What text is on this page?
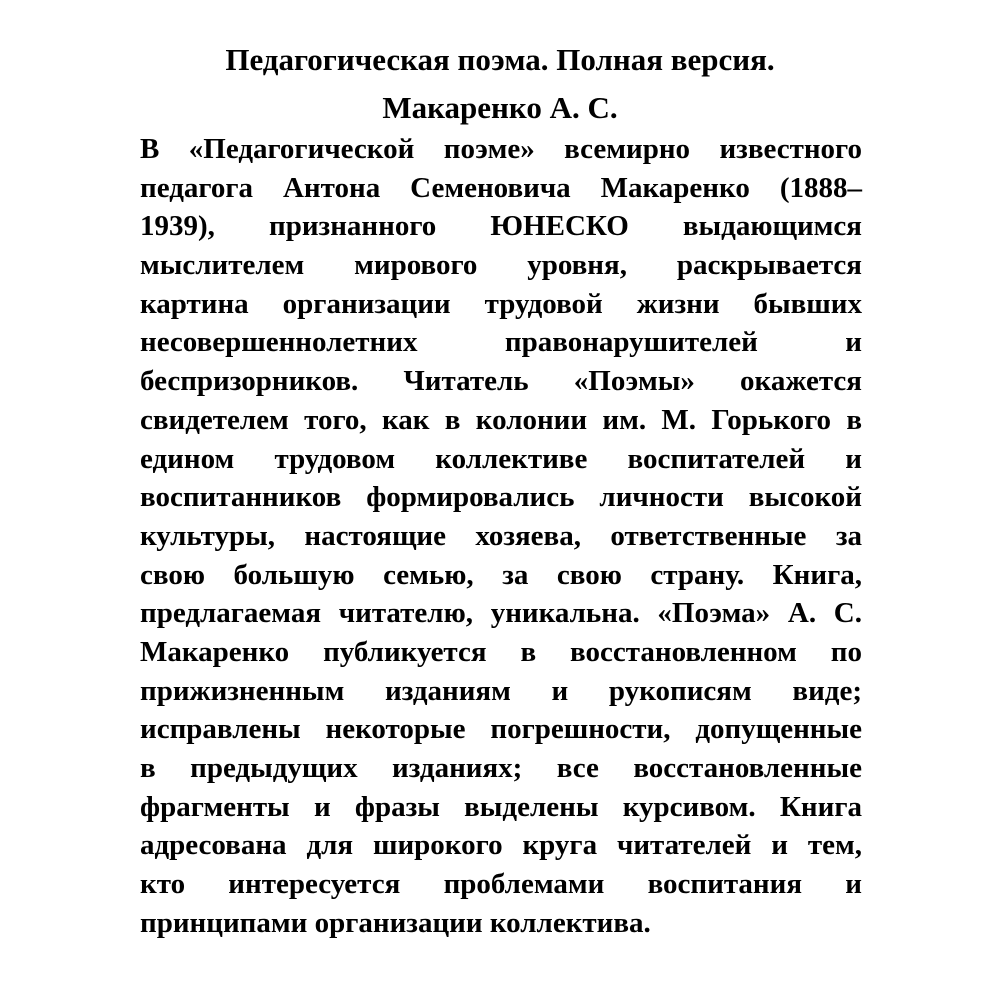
Педагогическая поэма. Полная версия.
Макаренко А. С.
В «Педагогической поэме» всемирно известного
педагога Антона Семеновича Макаренко (1888–
1939), признанного ЮНЕСКО выдающимся
мыслителем мирового уровня, раскрывается
картина организации трудовой жизни бывших
несовершеннолетних правонарушителей и
беспризорников. Читатель «Поэмы» окажется
свидетелем того, как в колонии им. М. Горького в
едином трудовом коллективе воспитателей и
воспитанников формировались личности высокой
культуры, настоящие хозяева, ответственные за
свою большую семью, за свою страну. Книга,
предлагаемая читателю, уникальна. «Поэма» А. С.
Макаренко публикуется в восстановленном по
прижизненным изданиям и рукописям виде;
исправлены некоторые погрешности, допущенные
в предыдущих изданиях; все восстановленные
фрагменты и фразы выделены курсивом. Книга
адресована для широкого круга читателей и тем,
кто интересуется проблемами воспитания и
принципами организации коллектива.
